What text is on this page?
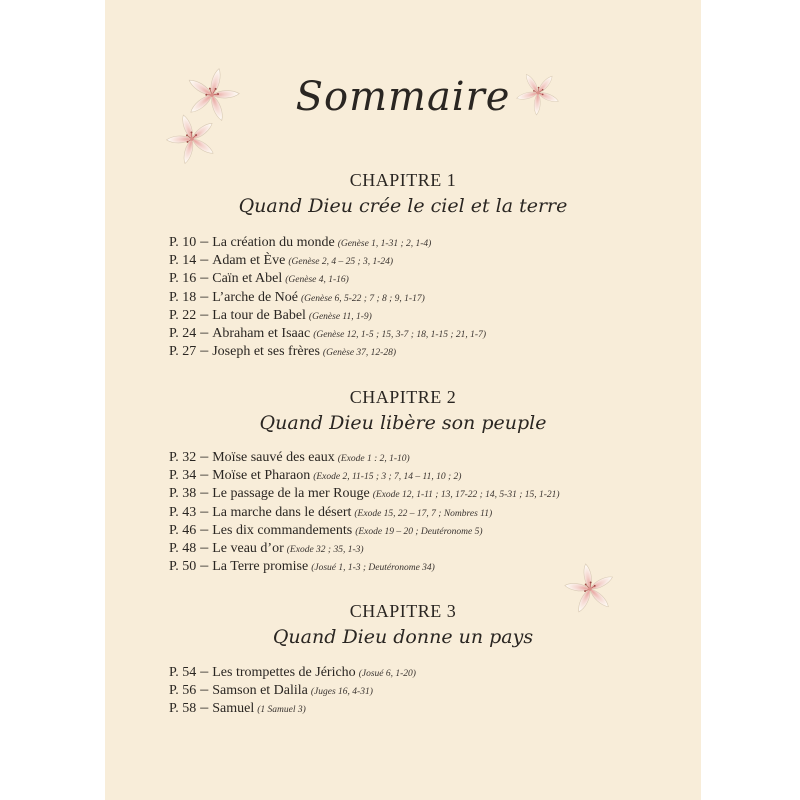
Sommaire
CHAPITRE 1
Quand Dieu crée le ciel et la terre
P. 10 – La création du monde (Genèse 1, 1-31 ; 2, 1-4)
P. 14 – Adam et Ève (Genèse 2, 4 – 25 ; 3, 1-24)
P. 16 – Caïn et Abel (Genèse 4, 1-16)
P. 18 – L’arche de Noé (Genèse 6, 5-22 ; 7 ; 8 ; 9, 1-17)
P. 22 – La tour de Babel (Genèse 11, 1-9)
P. 24 – Abraham et Isaac (Genèse 12, 1-5 ; 15, 3-7 ; 18, 1-15 ; 21, 1-7)
P. 27 – Joseph et ses frères (Genèse 37, 12-28)
CHAPITRE 2
Quand Dieu libère son peuple
P. 32 – Moïse sauvé des eaux (Exode 1 : 2, 1-10)
P. 34 – Moïse et Pharaon (Exode 2, 11-15 ; 3 ; 7, 14 – 11, 10 ; 2)
P. 38 – Le passage de la mer Rouge (Exode 12, 1-11 ; 13, 17-22 ; 14, 5-31 ; 15, 1-21)
P. 43 – La marche dans le désert (Exode 15, 22 – 17, 7 ; Nombres 11)
P. 46 – Les dix commandements (Exode 19 – 20 ; Deutéronome 5)
P. 48 – Le veau d’or (Exode 32 ; 35, 1-3)
P. 50 – La Terre promise (Josué 1, 1-3 ; Deutéronome 34)
CHAPITRE 3
Quand Dieu donne un pays
P. 54 – Les trompettes de Jéricho (Josué 6, 1-20)
P. 56 – Samson et Dalila (Juges 16, 4-31)
P. 58 – Samuel (1 Samuel 3)
